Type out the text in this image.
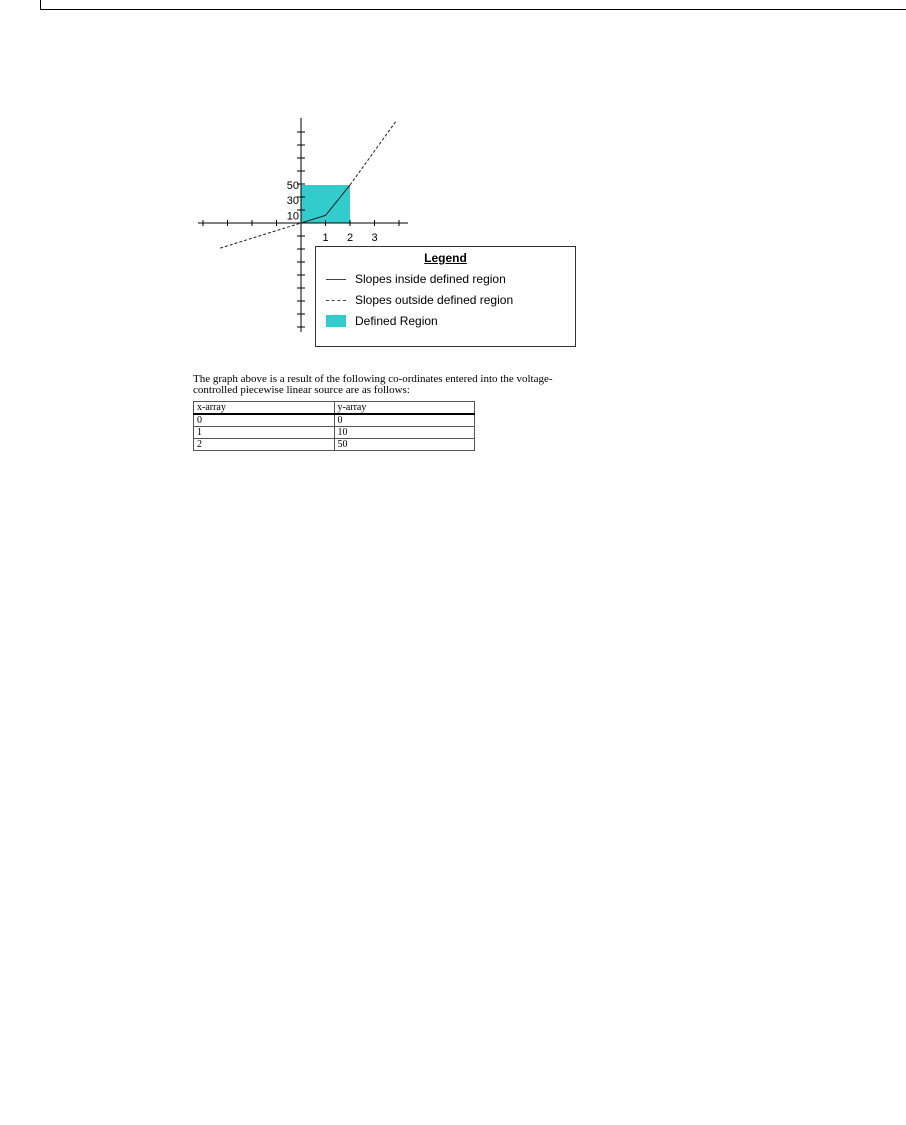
1 2 3
10
30
50
Legend
Slopes inside defined region
Slopes outside defined region
Defined Region
The graph above is a result of the following co-ordinates entered into the voltage-controlled piecewise linear source are as follows:
x-array	y-array
0	0
1	10
2	50
